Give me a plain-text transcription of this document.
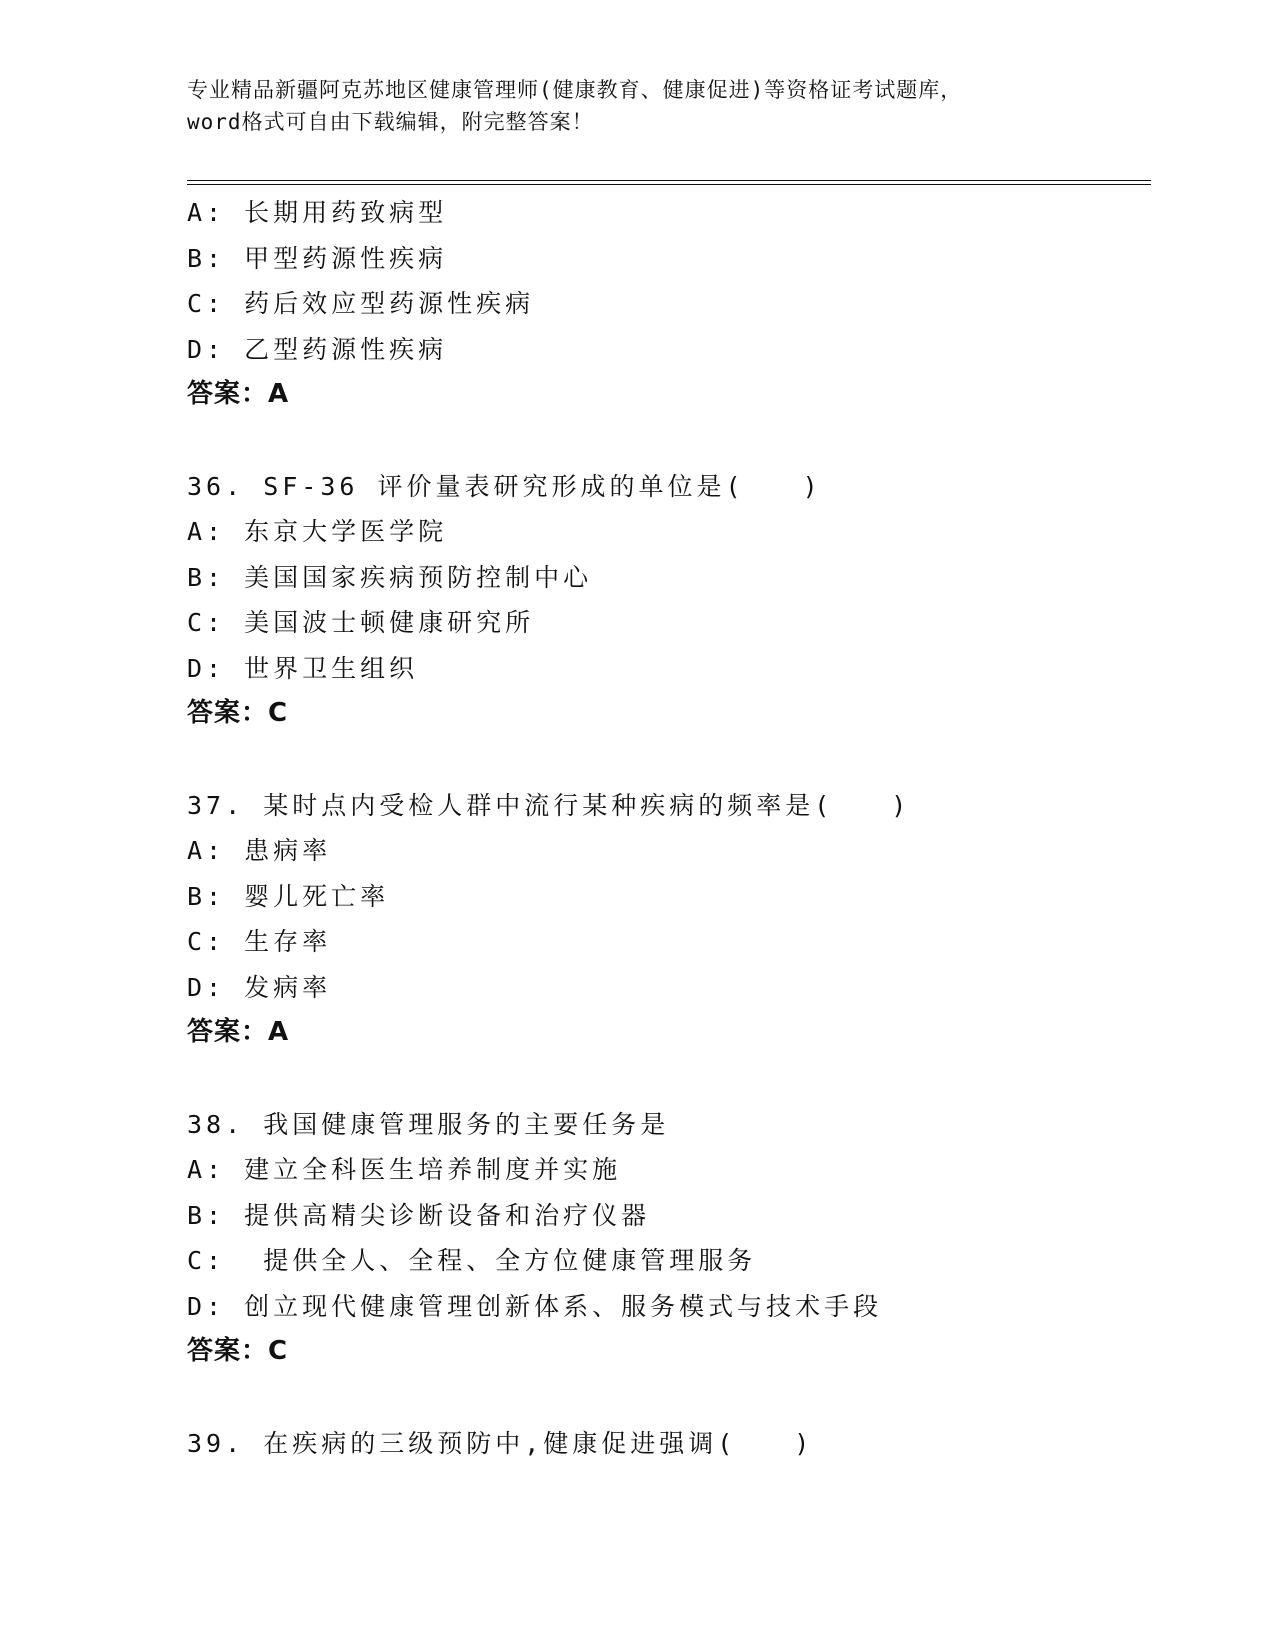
专业精品新疆阿克苏地区健康管理师(健康教育、健康促进)等资格证考试题库，
word格式可自由下载编辑，附完整答案！
A: 长期用药致病型
B: 甲型药源性疾病
C: 药后效应型药源性疾病
D: 乙型药源性疾病
答案：A
36. SF-36 评价量表研究形成的单位是(　　)
A: 东京大学医学院
B: 美国国家疾病预防控制中心
C: 美国波士顿健康研究所
D: 世界卫生组织
答案：C
37. 某时点内受检人群中流行某种疾病的频率是(　　)
A: 患病率
B: 婴儿死亡率
C: 生存率
D: 发病率
答案：A
38. 我国健康管理服务的主要任务是
A: 建立全科医生培养制度并实施
B: 提供高精尖诊断设备和治疗仪器
C:  提供全人、全程、全方位健康管理服务
D: 创立现代健康管理创新体系、服务模式与技术手段
答案：C
39. 在疾病的三级预防中,健康促进强调(　　)
